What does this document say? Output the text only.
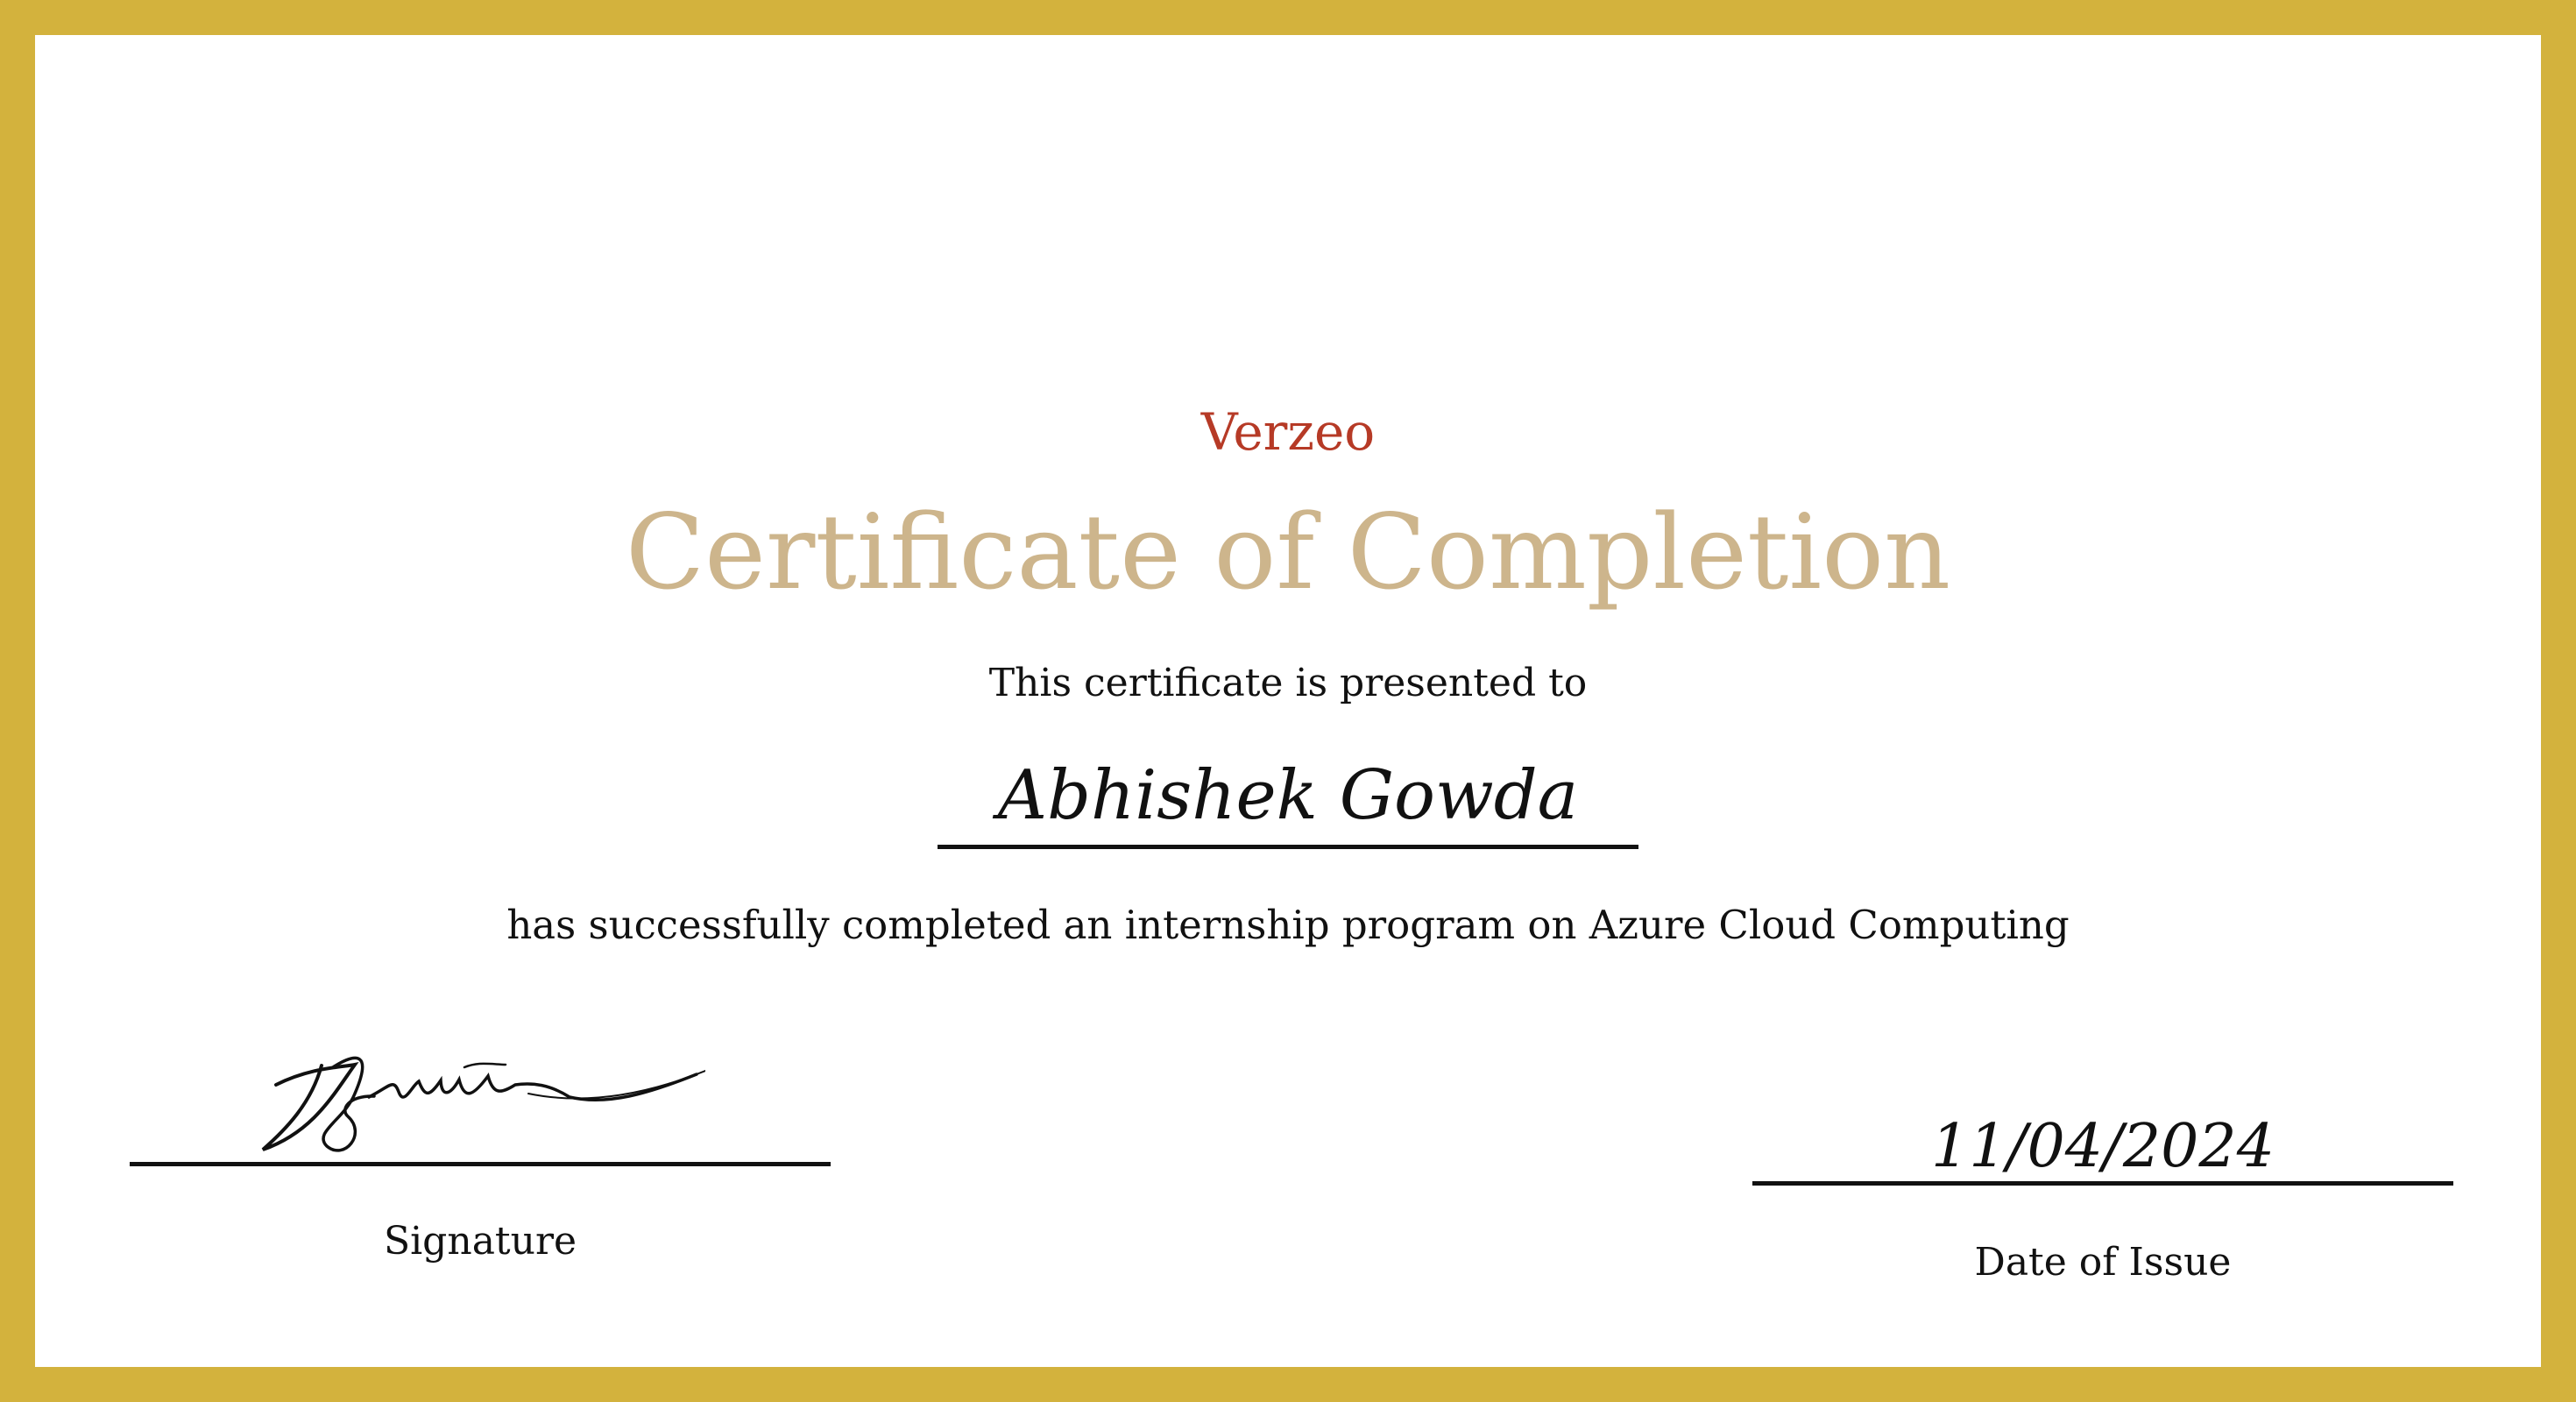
Verzeo
Certificate of Completion
This certificate is presented to
Abhishek Gowda
has successfully completed an internship program on Azure Cloud Computing
Signature
11/04/2024
Date of Issue
